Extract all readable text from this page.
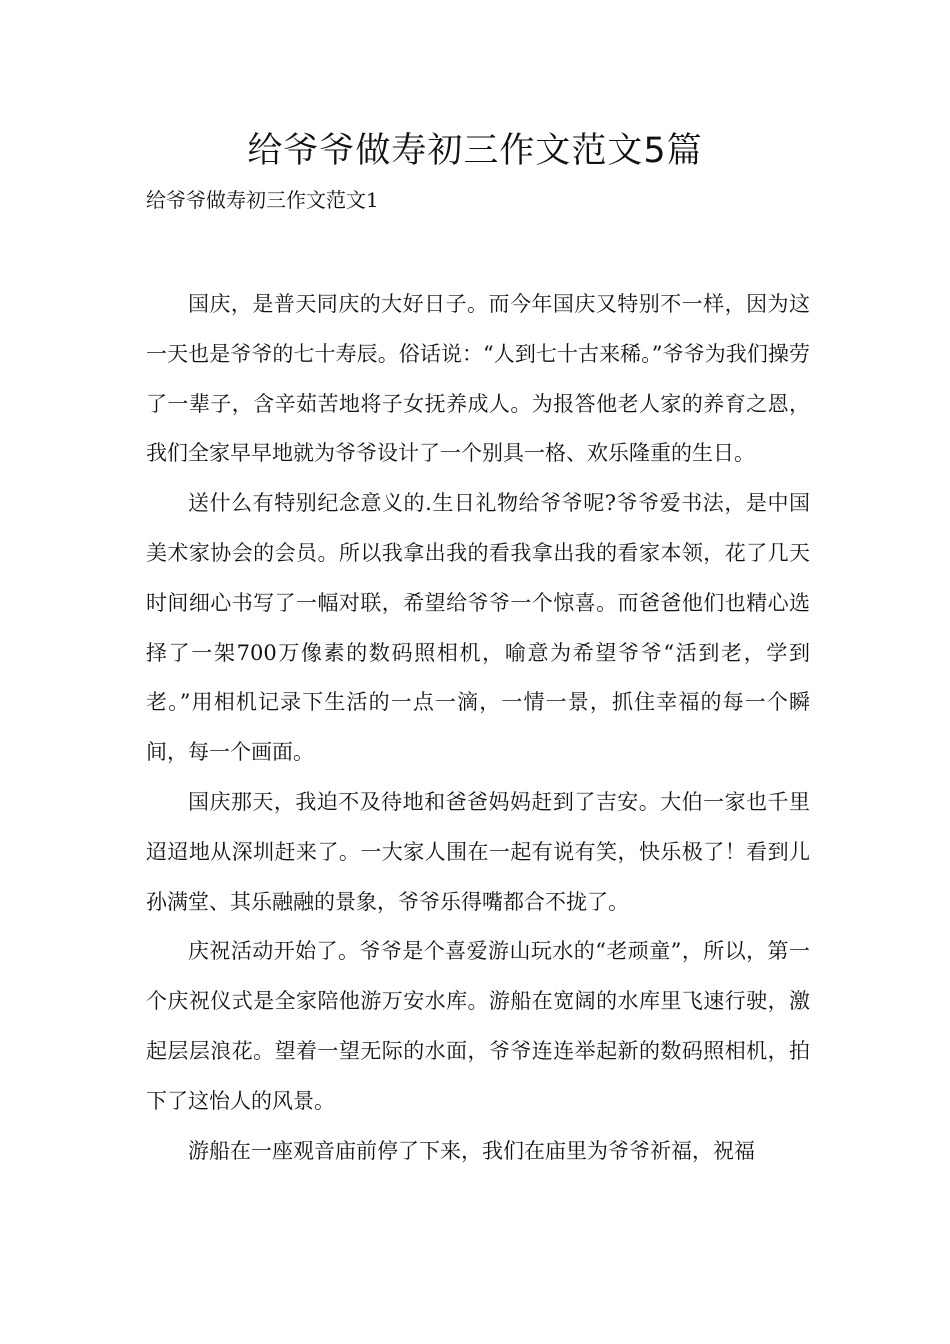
给爷爷做寿初三作文范文5篇

给爷爷做寿初三作文范文1

国庆，是普天同庆的大好日子。而今年国庆又特别不一样，因为这一天也是爷爷的七十寿辰。俗话说：“人到七十古来稀。”爷爷为我们操劳了一辈子，含辛茹苦地将子女抚养成人。为报答他老人家的养育之恩，我们全家早早地就为爷爷设计了一个别具一格、欢乐隆重的生日。

送什么有特别纪念意义的.生日礼物给爷爷呢?爷爷爱书法，是中国美术家协会的会员。所以我拿出我的看我拿出我的看家本领，花了几天时间细心书写了一幅对联，希望给爷爷一个惊喜。而爸爸他们也精心选择了一架700万像素的数码照相机，喻意为希望爷爷“活到老，学到老。”用相机记录下生活的一点一滴，一情一景，抓住幸福的每一个瞬间，每一个画面。

国庆那天，我迫不及待地和爸爸妈妈赶到了吉安。大伯一家也千里迢迢地从深圳赶来了。一大家人围在一起有说有笑，快乐极了！看到儿孙满堂、其乐融融的景象，爷爷乐得嘴都合不拢了。

庆祝活动开始了。爷爷是个喜爱游山玩水的“老顽童”，所以，第一个庆祝仪式是全家陪他游万安水库。游船在宽阔的水库里飞速行驶，激起层层浪花。望着一望无际的水面，爷爷连连举起新的数码照相机，拍下了这怡人的风景。

游船在一座观音庙前停了下来，我们在庙里为爷爷祈福，祝福
